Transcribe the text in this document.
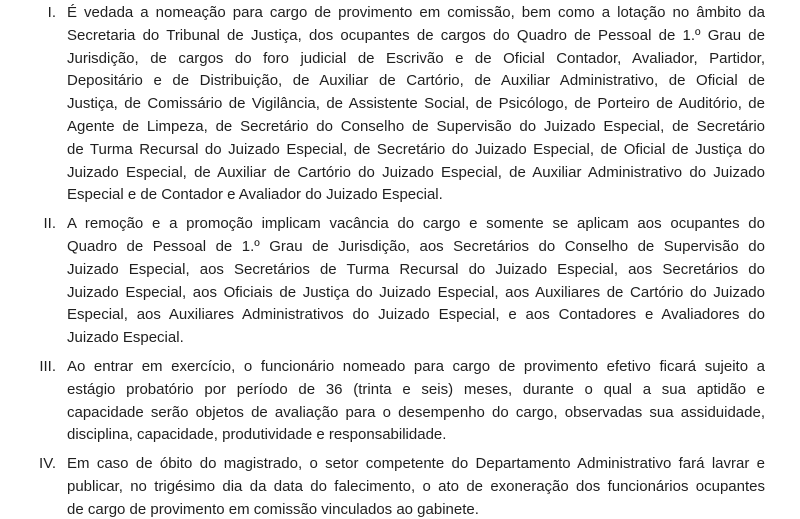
I. É vedada a nomeação para cargo de provimento em comissão, bem como a lotação no âmbito da
Secretaria do Tribunal de Justiça, dos ocupantes de cargos do Quadro de Pessoal de 1.º Grau de
Jurisdição, de cargos do foro judicial de Escrivão e de Oficial Contador, Avaliador, Partidor,
Depositário e de Distribuição, de Auxiliar de Cartório, de Auxiliar Administrativo, de Oficial de
Justiça, de Comissário de Vigilância, de Assistente Social, de Psicólogo, de Porteiro de Auditório, de
Agente de Limpeza, de Secretário do Conselho de Supervisão do Juizado Especial, de Secretário
de Turma Recursal do Juizado Especial, de Secretário do Juizado Especial, de Oficial de Justiça do
Juizado Especial, de Auxiliar de Cartório do Juizado Especial, de Auxiliar Administrativo do Juizado
Especial e de Contador e Avaliador do Juizado Especial.
II. A remoção e a promoção implicam vacância do cargo e somente se aplicam aos ocupantes do
Quadro de Pessoal de 1.º Grau de Jurisdição, aos Secretários do Conselho de Supervisão do
Juizado Especial, aos Secretários de Turma Recursal do Juizado Especial, aos Secretários do
Juizado Especial, aos Oficiais de Justiça do Juizado Especial, aos Auxiliares de Cartório do Juizado
Especial, aos Auxiliares Administrativos do Juizado Especial, e aos Contadores e Avaliadores do
Juizado Especial.
III. Ao entrar em exercício, o funcionário nomeado para cargo de provimento efetivo ficará sujeito a
estágio probatório por período de 36 (trinta e seis) meses, durante o qual a sua aptidão e
capacidade serão objetos de avaliação para o desempenho do cargo, observadas sua assiduidade,
disciplina, capacidade, produtividade e responsabilidade.
IV. Em caso de óbito do magistrado, o setor competente do Departamento Administrativo fará lavrar e
publicar, no trigésimo dia da data do falecimento, o ato de exoneração dos funcionários ocupantes
de cargo de provimento em comissão vinculados ao gabinete.
